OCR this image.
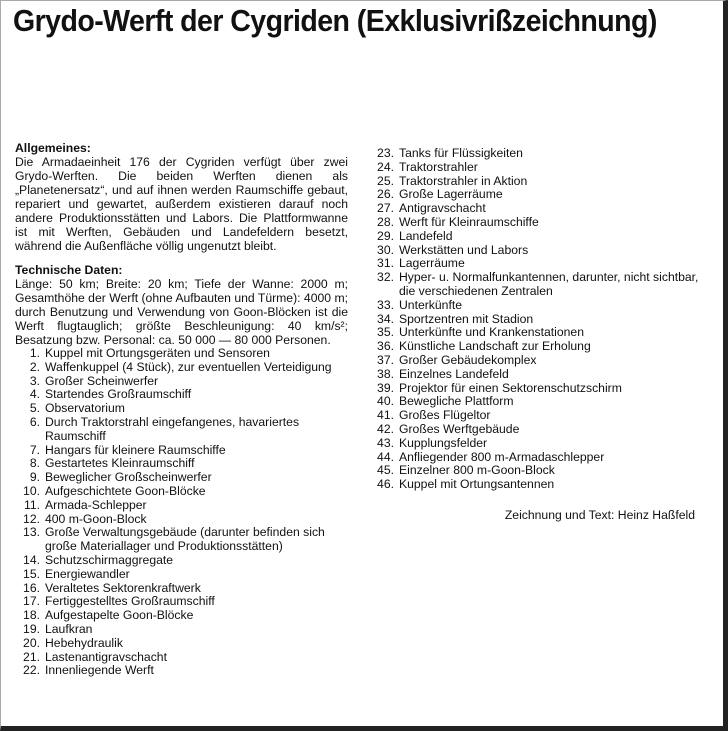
Grydo-Werft der Cygriden (Exklusivrißzeichnung)

Allgemeines:

Die Armadaeinheit 176 der Cygriden verfügt über zwei Grydo-Werften. Die beiden Werften dienen als „Planetenersatz“, und auf ihnen werden Raumschiffe gebaut, repariert und gewartet, außerdem existieren darauf noch andere Produktionsstätten und Labors. Die Plattformwanne ist mit Werften, Gebäuden und Landefeldern besetzt, während die Außenfläche völlig ungenutzt bleibt.

Technische Daten:

Länge: 50 km; Breite: 20 km; Tiefe der Wanne: 2000 m; Gesamthöhe der Werft (ohne Aufbauten und Türme): 4000 m; durch Benutzung und Verwendung von Goon-Blöcken ist die Werft flugtauglich; größte Beschleunigung: 40 km/s²; Besatzung bzw. Personal: ca. 50 000 — 80 000 Personen.

1. Kuppel mit Ortungsgeräten und Sensoren
2. Waffenkuppel (4 Stück), zur eventuellen Verteidigung
3. Großer Scheinwerfer
4. Startendes Großraumschiff
5. Observatorium
6. Durch Traktorstrahl eingefangenes, havariertes Raumschiff
7. Hangars für kleinere Raumschiffe
8. Gestartetes Kleinraumschiff
9. Beweglicher Großscheinwerfer
10. Aufgeschichtete Goon-Blöcke
11. Armada-Schlepper
12. 400 m-Goon-Block
13. Große Verwaltungsgebäude (darunter befinden sich große Materiallager und Produktionsstätten)
14. Schutzschirmaggregate
15. Energiewandler
16. Veraltetes Sektorenkraftwerk
17. Fertiggestelltes Großraumschiff
18. Aufgestapelte Goon-Blöcke
19. Laufkran
20. Hebehydraulik
21. Lastenantigravschacht
22. Innenliegende Werft
23. Tanks für Flüssigkeiten
24. Traktorstrahler
25. Traktorstrahler in Aktion
26. Große Lagerräume
27. Antigravschacht
28. Werft für Kleinraumschiffe
29. Landefeld
30. Werkstätten und Labors
31. Lagerräume
32. Hyper- u. Normalfunkantennen, darunter, nicht sichtbar, die verschiedenen Zentralen
33. Unterkünfte
34. Sportzentren mit Stadion
35. Unterkünfte und Krankenstationen
36. Künstliche Landschaft zur Erholung
37. Großer Gebäudekomplex
38. Einzelnes Landefeld
39. Projektor für einen Sektorenschutzschirm
40. Bewegliche Plattform
41. Großes Flügeltor
42. Großes Werftgebäude
43. Kupplungsfelder
44. Anfliegender 800 m-Armadaschlepper
45. Einzelner 800 m-Goon-Block
46. Kuppel mit Ortungsantennen
Zeichnung und Text: Heinz Haßfeld
